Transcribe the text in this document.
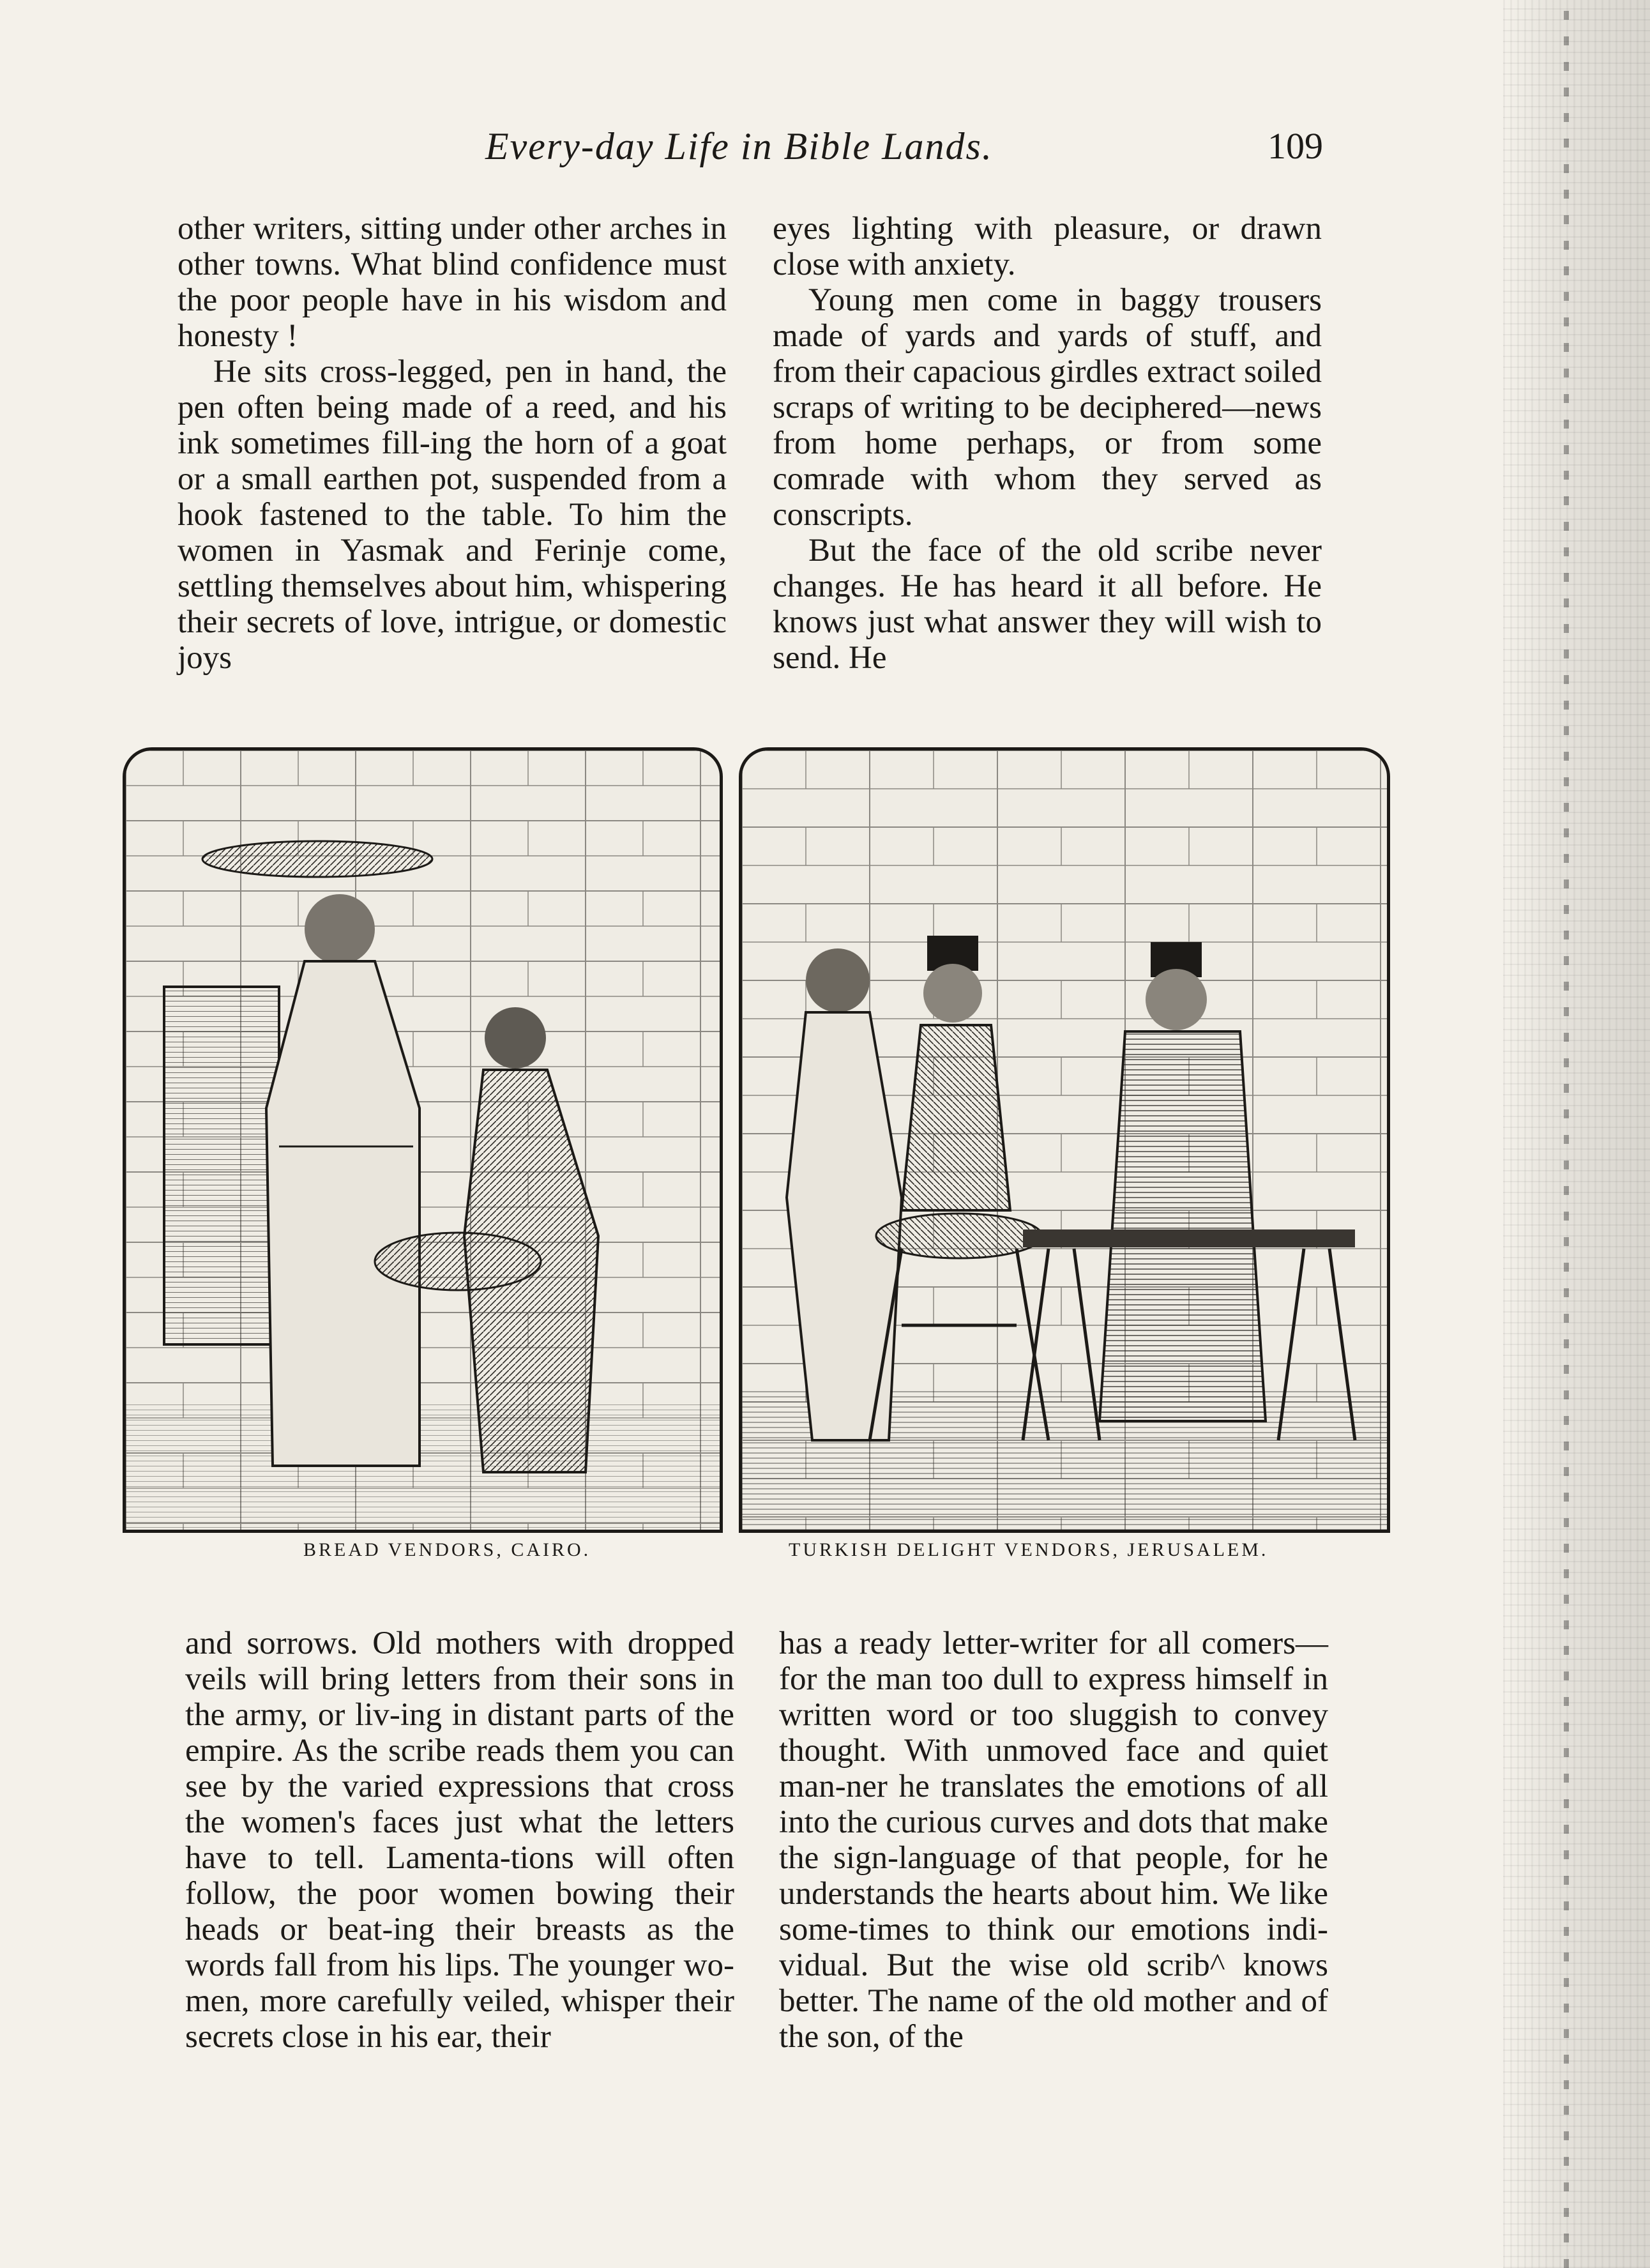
Every-day Life in Bible Lands.	109

other writers, sitting under other arches in other towns. What blind confidence must the poor people have in his wisdom and honesty !

He sits cross-legged, pen in hand, the pen often being made of a reed, and his ink sometimes fill-ing the horn of a goat or a small earthen pot, suspended from a hook fastened to the table. To him the women in Yasmak and Ferinje come, settling themselves about him, whispering their secrets of love, intrigue, or domestic joys

eyes lighting with pleasure, or drawn close with anxiety.

Young men come in baggy trousers made of yards and yards of stuff, and from their capacious girdles extract soiled scraps of writing to be deciphered—news from home perhaps, or from some comrade with whom they served as conscripts.

But the face of the old scribe never changes. He has heard it all before. He knows just what answer they will wish to send. He

BREAD VENDORS, CAIRO.	TURKISH DELIGHT VENDORS, JERUSALEM.

and sorrows. Old mothers with dropped veils will bring letters from their sons in the army, or liv-ing in distant parts of the empire. As the scribe reads them you can see by the varied expressions that cross the women's faces just what the letters have to tell. Lamenta-tions will often follow, the poor women bowing their heads or beat-ing their breasts as the words fall from his lips. The younger wo-men, more carefully veiled, whisper their secrets close in his ear, their

has a ready letter-writer for all comers—for the man too dull to express himself in written word or too sluggish to convey thought. With unmoved face and quiet man-ner he translates the emotions of all into the curious curves and dots that make the sign-language of that people, for he understands the hearts about him. We like some-times to think our emotions indi-vidual. But the wise old scrib^ knows better. The name of the old mother and of the son, of the
